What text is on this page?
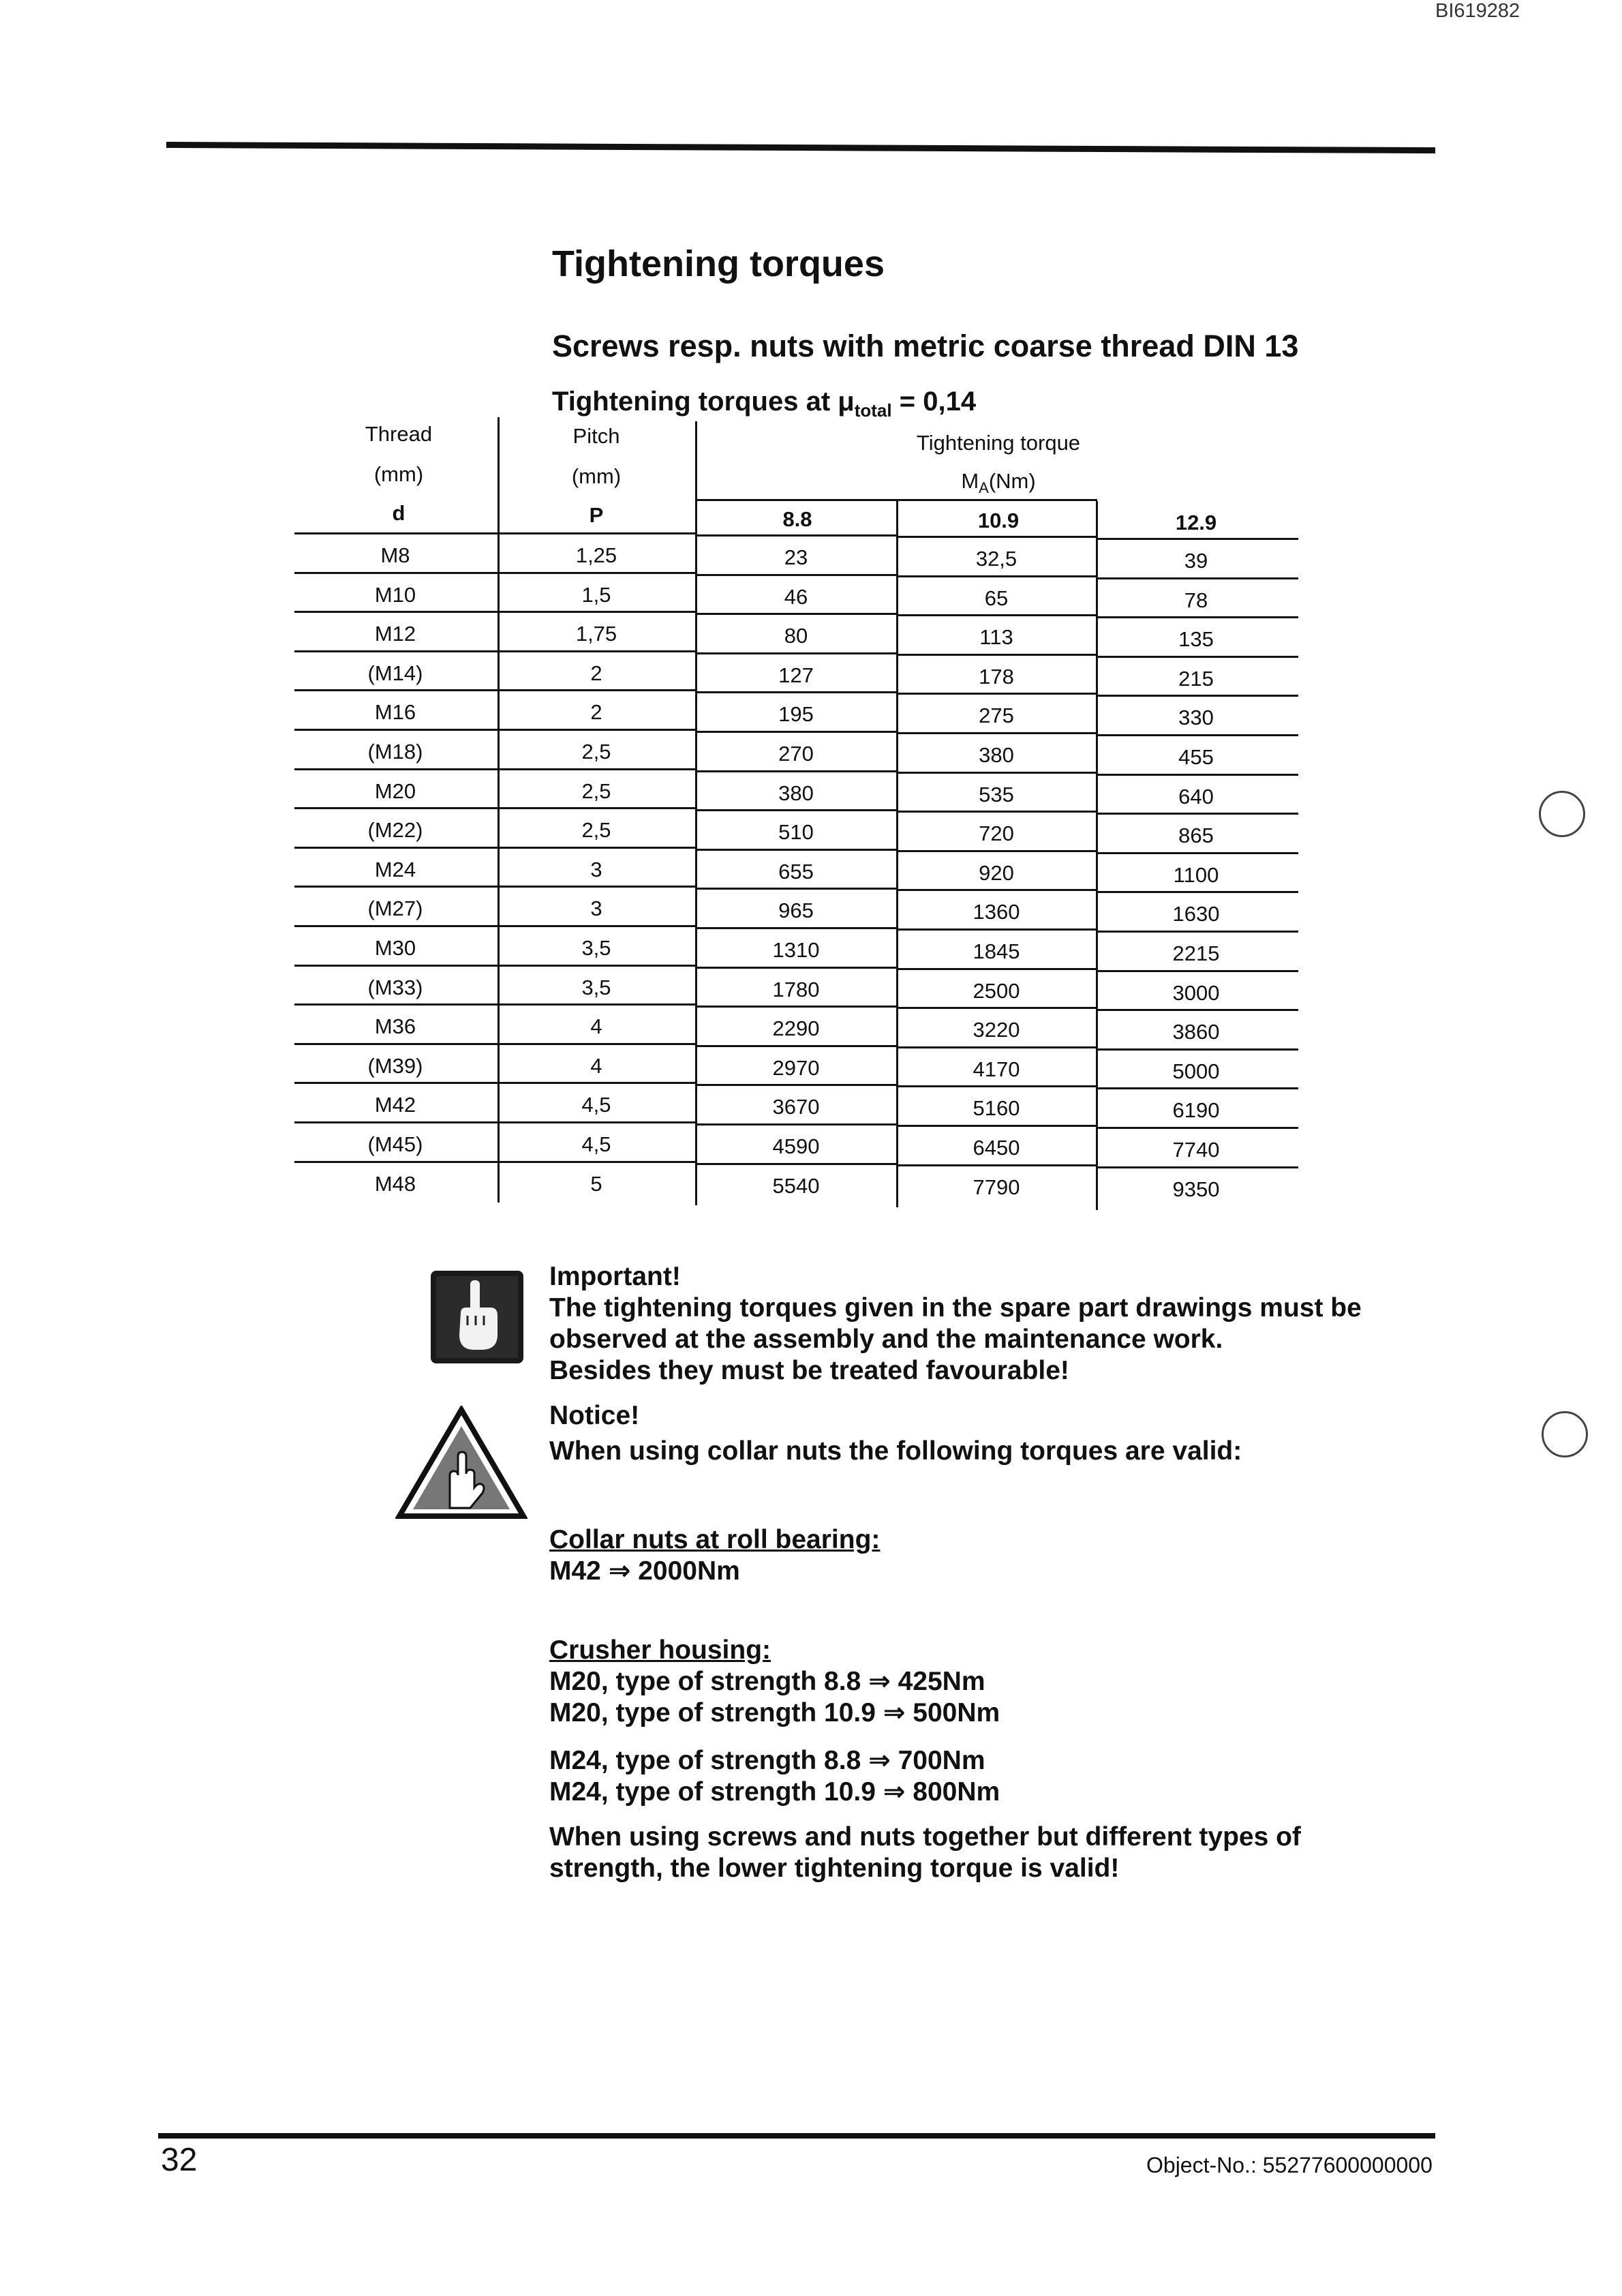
BI619282
Tightening torques
Screws resp. nuts with metric coarse thread DIN 13
Tightening torques at $\mu_{total} = 0,14$
Thread
(mm)
d
Pitch
(mm)
P
Tightening torque
$M_A(Nm)$
8.8	10.9	12.9
M8	1,25	23	32,5	39
M10	1,5	46	65	78
M12	1,75	80	113	135
(M14)	2	127	178	215
M16	2	195	275	330
(M18)	2,5	270	380	455
M20	2,5	380	535	640
(M22)	2,5	510	720	865
M24	3	655	920	1100
(M27)	3	965	1360	1630
M30	3,5	1310	1845	2215
(M33)	3,5	1780	2500	3000
M36	4	2290	3220	3860
(M39)	4	2970	4170	5000
M42	4,5	3670	5160	6190
(M45)	4,5	4590	6450	7740
M48	5	5540	7790	9350
Important!
The tightening torques given in the spare part drawings must be
observed at the assembly and the maintenance work.
Besides they must be treated favourable!
Notice!
When using collar nuts the following torques are valid:
Collar nuts at roll bearing:
M42 ⇒ 2000Nm
Crusher housing:
M20, type of strength 8.8 ⇒ 425Nm
M20, type of strength 10.9 ⇒ 500Nm
M24, type of strength 8.8 ⇒ 700Nm
M24, type of strength 10.9 ⇒ 800Nm
When using screws and nuts together but different types of
strength, the lower tightening torque is valid!
32	Object-No.: 55277600000000
